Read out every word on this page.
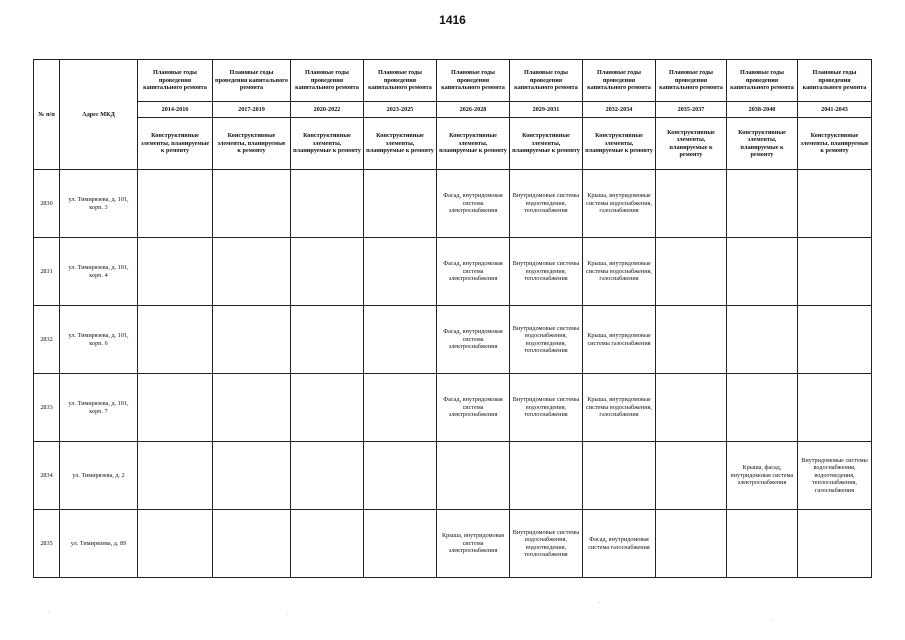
1416
№ п/п	Адрес МКД	Плановые годы проведения капитального ремонта	Плановые годы проведения капитального ремонта	Плановые годы проведения капитального ремонта	Плановые годы проведения капитального ремонта	Плановые годы проведения капитального ремонта	Плановые годы проведения капитального ремонта	Плановые годы проведения капитального ремонта	Плановые годы проведения капитального ремонта	Плановые годы проведения капитального ремонта	Плановые годы проведения капитального ремонта
		2014-2016	2017-2019	2020-2022	2023-2025	2026-2028	2029-2031	2032-2034	2035-2037	2038-2040	2041-2043
		Конструктивные элементы, планируемые к ремонту	Конструктивные элементы, планируемые к ремонту	Конструктивные элементы, планируемые к ремонту	Конструктивные элементы, планируемые к ремонту	Конструктивные элементы, планируемые к ремонту	Конструктивные элементы, планируемые к ремонту	Конструктивные элементы, планируемые к ремонту	Конструктивные элементы, планируемые к ремонту	Конструктивные элементы, планируемые к ремонту	Конструктивные элементы, планируемые к ремонту
2830	ул. Тимирязева, д. 101, корп. 3					Фасад, внутридомовая система электроснабжения	Внутридомовые системы водоотведения, теплоснабжения	Крыша, внутридомовые системы водоснабжения, газоснабжения			
2831	ул. Тимирязева, д. 101, корп. 4					Фасад, внутридомовая система электроснабжения	Внутридомовые системы водоотведения, теплоснабжения	Крыша, внутридомовые системы водоснабжения, газоснабжения			
2832	ул. Тимирязева, д. 101, корп. 6					Фасад, внутридомовая система электроснабжения	Внутридомовые системы водоснабжения, водоотведения, теплоснабжения	Крыша, внутридомовые системы газоснабжения			
2833	ул. Тимирязева, д. 101, корп. 7					Фасад, внутридомовая система электроснабжения	Внутридомовые системы водоотведения, теплоснабжения	Крыша, внутридомовые системы водоснабжения, газоснабжения			
2834	ул. Тимирязева, д. 2									Крыша, фасад, внутридомовая система электроснабжения	Внутридомовые системы водоснабжения, водоотведения, теплоснабжения, газоснабжения
2835	ул. Тимирязева, д. 89					Крыша, внутридомовая система электроснабжения	Внутридомовые системы водоснабжения, водоотведения, теплоснабжения	Фасад, внутридомовая система газоснабжения			
·	·
·
·
